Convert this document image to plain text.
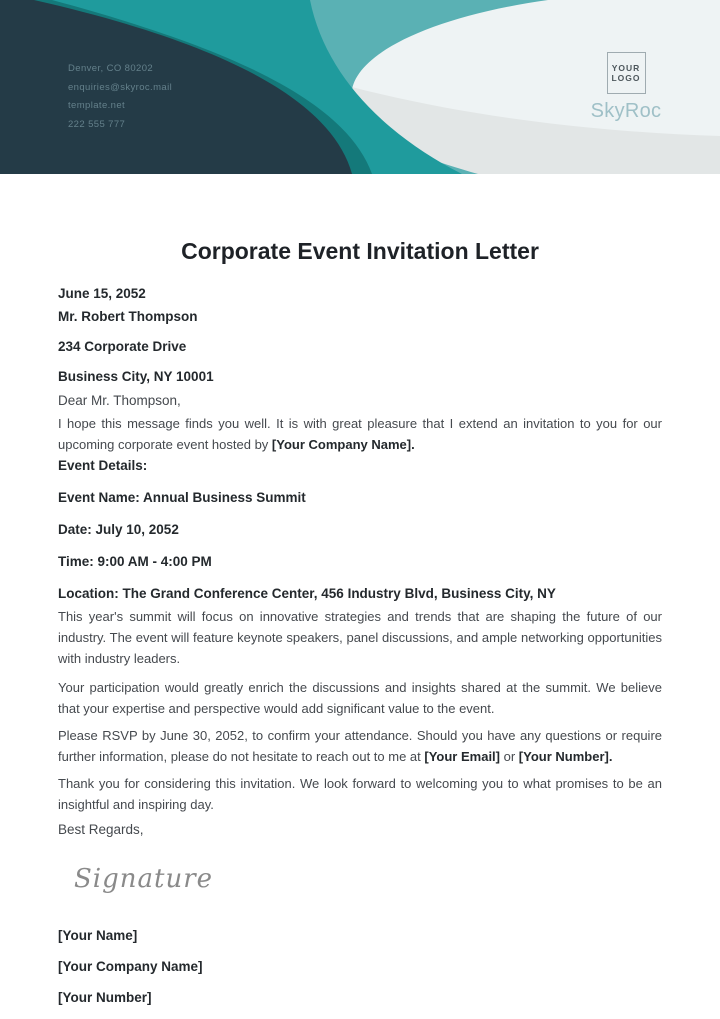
Denver, CO 80202
enquiries@skyroc.mail
template.net
222 555 777
YOUR
LOGO
SkyRoc
Corporate Event Invitation Letter

June 15, 2052

Mr. Robert Thompson

234 Corporate Drive

Business City, NY 10001

Dear Mr. Thompson,

I hope this message finds you well. It is with great pleasure that I extend an invitation to you for our upcoming corporate event hosted by [Your Company Name].

Event Details:

Event Name: Annual Business Summit

Date: July 10, 2052

Time: 9:00 AM - 4:00 PM

Location: The Grand Conference Center, 456 Industry Blvd, Business City, NY

This year's summit will focus on innovative strategies and trends that are shaping the future of our industry. The event will feature keynote speakers, panel discussions, and ample networking opportunities with industry leaders.

Your participation would greatly enrich the discussions and insights shared at the summit. We believe that your expertise and perspective would add significant value to the event.

Please RSVP by June 30, 2052, to confirm your attendance. Should you have any questions or require further information, please do not hesitate to reach out to me at [Your Email] or [Your Number].

Thank you for considering this invitation. We look forward to welcoming you to what promises to be an insightful and inspiring day.

Best Regards,

Signature

[Your Name]

[Your Company Name]

[Your Number]
